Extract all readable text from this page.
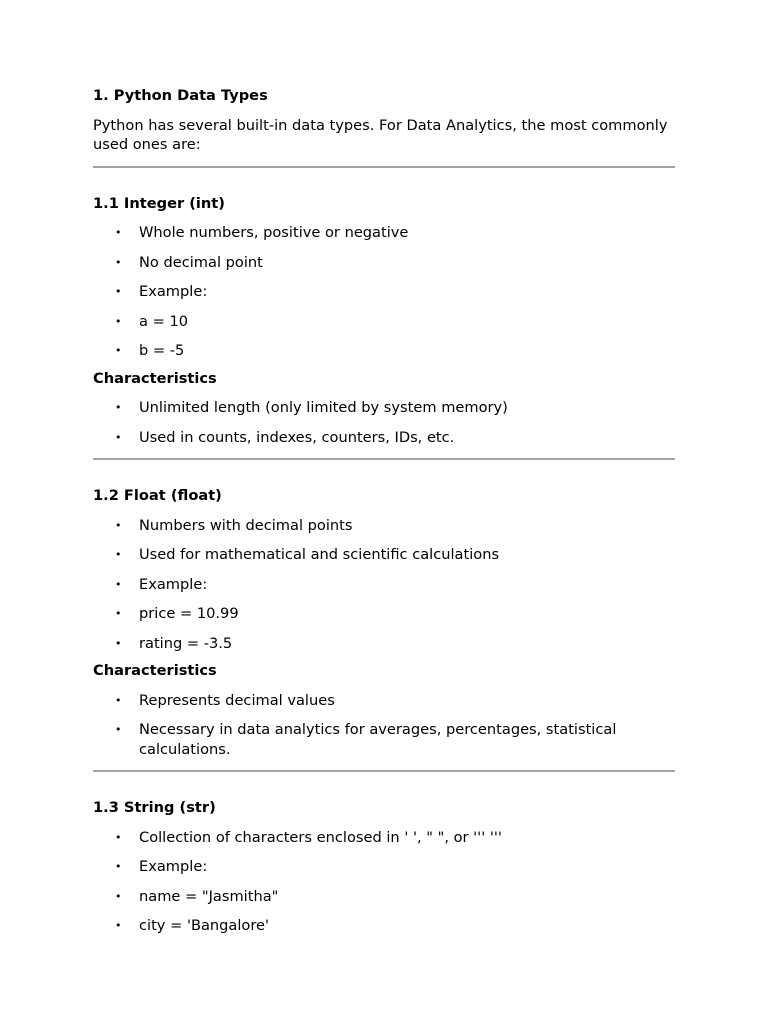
1. Python Data Types

Python has several built-in data types. For Data Analytics, the most commonly used ones are:

1.1 Integer (int)

• Whole numbers, positive or negative
• No decimal point
• Example:
• a = 10
• b = -5

Characteristics

• Unlimited length (only limited by system memory)
• Used in counts, indexes, counters, IDs, etc.

1.2 Float (float)

• Numbers with decimal points
• Used for mathematical and scientific calculations
• Example:
• price = 10.99
• rating = -3.5

Characteristics

• Represents decimal values
• Necessary in data analytics for averages, percentages, statistical calculations.

1.3 String (str)

• Collection of characters enclosed in ' ', " ", or ''' '''
• Example:
• name = "Jasmitha"
• city = 'Bangalore'
